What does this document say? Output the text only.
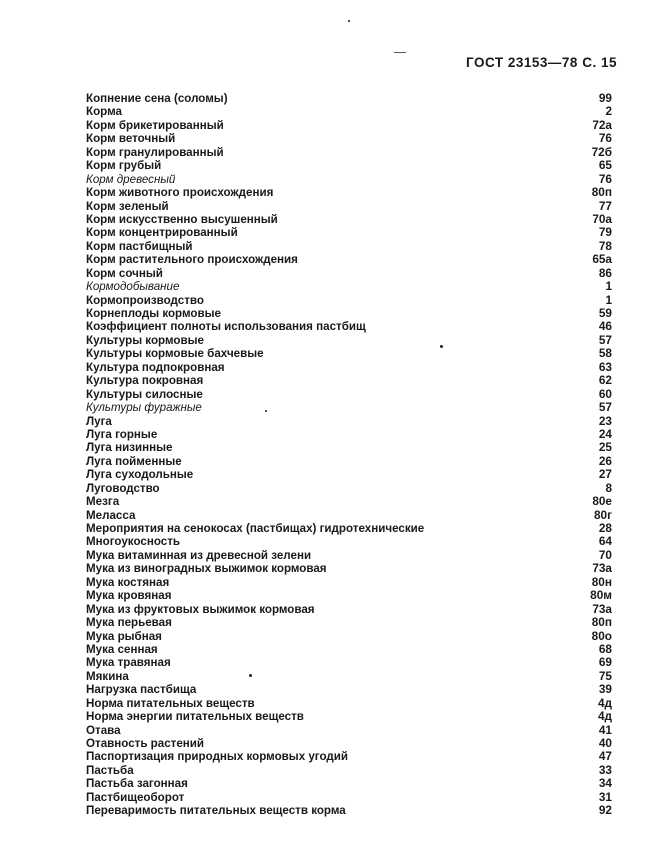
ГОСТ 23153—78 С. 15
Копнение сена (соломы)	99
Корма	2
Корм брикетированный	72а
Корм веточный	76
Корм гранулированный	72б
Корм грубый	65
Корм древесный	76
Корм животного происхождения	80п
Корм зеленый	77
Корм искусственно высушенный	70а
Корм концентрированный	79
Корм пастбищный	78
Корм растительного происхождения	65а
Корм сочный	86
Кормодобывание	1
Кормопроизводство	1
Корнеплоды кормовые	59
Коэффициент полноты использования пастбищ	46
Культуры кормовые	57
Культуры кормовые бахчевые	58
Культура подпокровная	63
Культура покровная	62
Культуры силосные	60
Культуры фуражные	57
Луга	23
Луга горные	24
Луга низинные	25
Луга пойменные	26
Луга суходольные	27
Луговодство	8
Мезга	80е
Меласса	80г
Мероприятия на сенокосах (пастбищах) гидротехнические	28
Многоукосность	64
Мука витаминная из древесной зелени	70
Мука из виноградных выжимок кормовая	73а
Мука костяная	80н
Мука кровяная	80м
Мука из фруктовых выжимок кормовая	73а
Мука перьевая	80п
Мука рыбная	80о
Мука сенная	68
Мука травяная	69
Мякина	75
Нагрузка пастбища	39
Норма питательных веществ	4д
Норма энергии питательных веществ	4д
Отава	41
Отавность растений	40
Паспортизация природных кормовых угодий	47
Пастьба	33
Пастьба загонная	34
Пастбищеоборот	31
Переваримость питательных веществ корма	92
